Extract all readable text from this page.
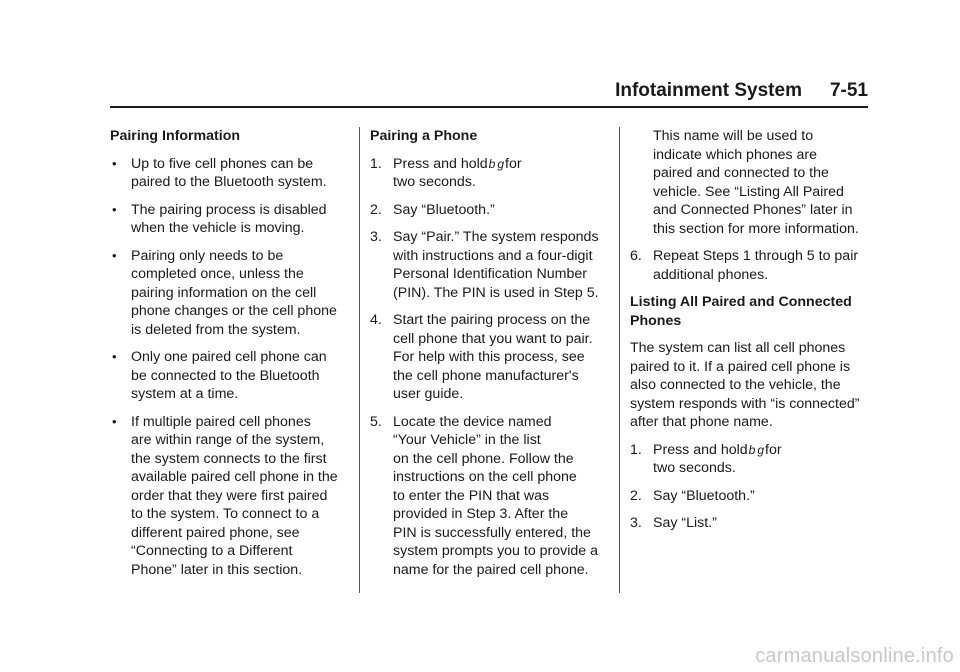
Infotainment System 7-51

Pairing Information

• Up to five cell phones can be
paired to the Bluetooth system.
• The pairing process is disabled
when the vehicle is moving.
• Pairing only needs to be
completed once, unless the
pairing information on the cell
phone changes or the cell phone
is deleted from the system.
• Only one paired cell phone can
be connected to the Bluetooth
system at a time.
• If multiple paired cell phones
are within range of the system,
the system connects to the first
available paired cell phone in the
order that they were first paired
to the system. To connect to a
different paired phone, see
“Connecting to a Different
Phone” later in this section.

Pairing a Phone

1. Press and holdb gfor
two seconds.
2. Say “Bluetooth.”
3. Say “Pair.” The system responds
with instructions and a four-digit
Personal Identification Number
(PIN). The PIN is used in Step 5.
4. Start the pairing process on the
cell phone that you want to pair.
For help with this process, see
the cell phone manufacturer's
user guide.
5. Locate the device named
“Your Vehicle” in the list
on the cell phone. Follow the
instructions on the cell phone
to enter the PIN that was
provided in Step 3. After the
PIN is successfully entered, the
system prompts you to provide a
name for the paired cell phone.

This name will be used to
indicate which phones are
paired and connected to the
vehicle. See “Listing All Paired
and Connected Phones” later in
this section for more information.

6. Repeat Steps 1 through 5 to pair
additional phones.

Listing All Paired and Connected
Phones

The system can list all cell phones
paired to it. If a paired cell phone is
also connected to the vehicle, the
system responds with “is connected”
after that phone name.

1. Press and holdb gfor
two seconds.
2. Say “Bluetooth.”
3. Say “List.”
carmanualsonline.info
